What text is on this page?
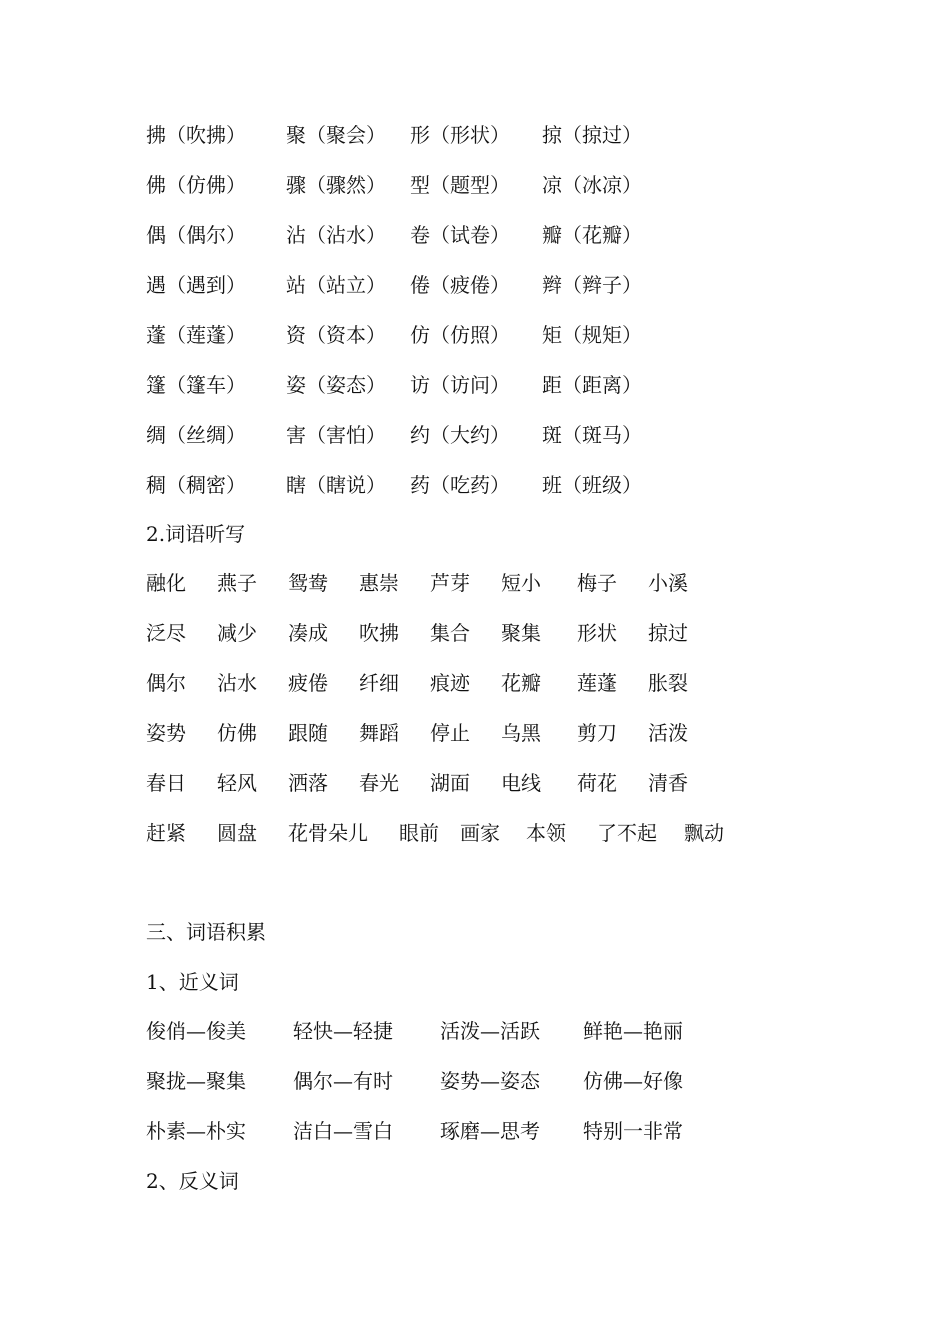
拂（吹拂） 聚（聚会） 形（形状） 掠（掠过）
佛（仿佛） 骤（骤然） 型（题型） 凉（冰凉）
偶（偶尔） 沾（沾水） 卷（试卷） 瓣（花瓣）
遇（遇到） 站（站立） 倦（疲倦） 辫（辫子）
蓬（莲蓬） 资（资本） 仿（仿照） 矩（规矩）
篷（篷车） 姿（姿态） 访（访问） 距（距离）
绸（丝绸） 害（害怕） 约（大约） 斑（斑马）
稠（稠密） 瞎（瞎说） 药（吃药） 班（班级）
2.词语听写
融化 燕子 鸳鸯 惠崇 芦芽 短小 梅子 小溪
泛尽 减少 凑成 吹拂 集合 聚集 形状 掠过
偶尔 沾水 疲倦 纤细 痕迹 花瓣 莲蓬 胀裂
姿势 仿佛 跟随 舞蹈 停止 乌黑 剪刀 活泼
春日 轻风 洒落 春光 湖面 电线 荷花 清香
赶紧 圆盘 花骨朵儿 眼前 画家 本领 了不起 飘动
三、词语积累
1、近义词
俊俏—俊美 轻快—轻捷 活泼—活跃 鲜艳—艳丽
聚拢—聚集 偶尔—有时 姿势—姿态 仿佛—好像
朴素—朴实 洁白—雪白 琢磨—思考 特别一非常
2、反义词
